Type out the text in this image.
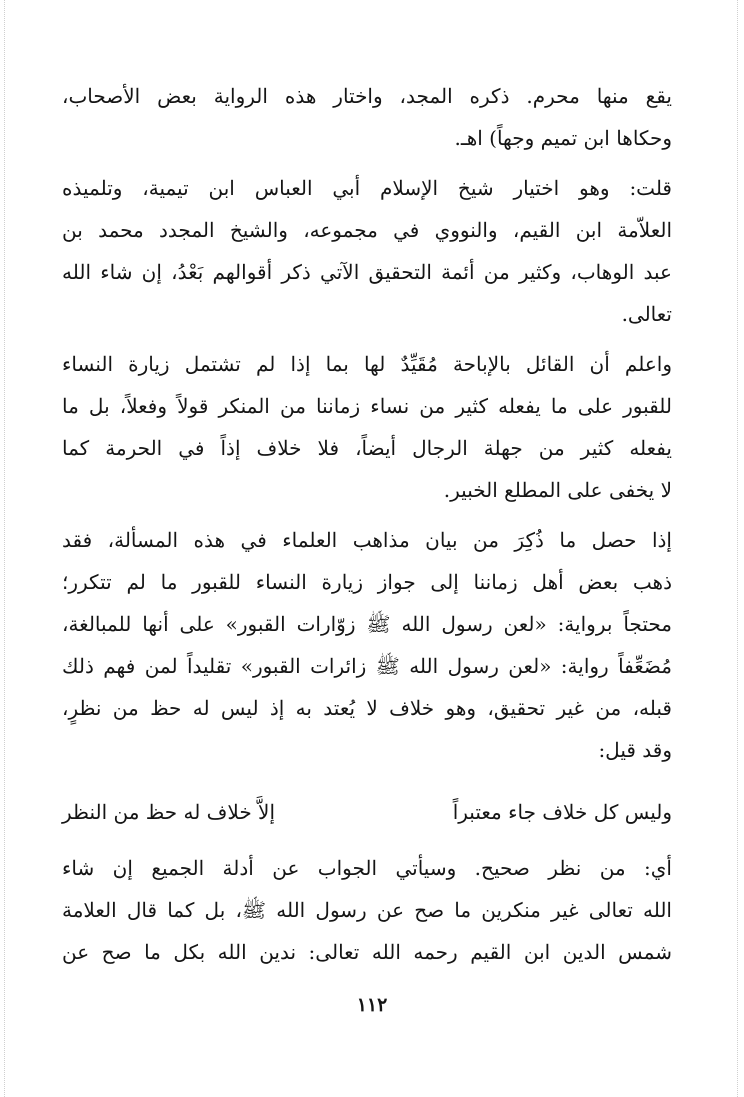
يقع منها محرم. ذكره المجد، واختار هذه الرواية بعض الأصحاب،
وحكاها ابن تميم وجهاً) اهـ.
قلت: وهو اختيار شيخ الإسلام أبي العباس ابن تيمية، وتلميذه
العلاّمة ابن القيم، والنووي في مجموعه، والشيخ المجدد محمد بن
عبد الوهاب، وكثير من أئمة التحقيق الآتي ذكر أقوالهم بَعْدُ، إن شاء الله
تعالى.
واعلم أن القائل بالإباحة مُقَيِّدٌ لها بما إذا لم تشتمل زيارة النساء
للقبور على ما يفعله كثير من نساء زماننا من المنكر قولاً وفعلاً، بل ما
يفعله كثير من جهلة الرجال أيضاً، فلا خلاف إذاً في الحرمة كما
لا يخفى على المطلع الخبير.
إذا حصل ما ذُكِرَ من بيان مذاهب العلماء في هذه المسألة، فقد
ذهب بعض أهل زماننا إلى جواز زيارة النساء للقبور ما لم تتكرر؛
محتجاً برواية: «لعن رسول الله ﷺ زوّارات القبور» على أنها للمبالغة،
مُضَعِّفاً رواية: «لعن رسول الله ﷺ زائرات القبور» تقليداً لمن فهم ذلك
قبله، من غير تحقيق، وهو خلاف لا يُعتد به إذ ليس له حظ من نظرٍ،
وقد قيل:
وليس كل خلاف جاء معتبراً
إلاَّ خلاف له حظ من النظر
أي: من نظر صحيح. وسيأتي الجواب عن أدلة الجميع إن شاء
الله تعالى غير منكرين ما صح عن رسول الله ﷺ، بل كما قال العلامة
شمس الدين ابن القيم رحمه الله تعالى: ندين الله بكل ما صح عن
١١٢
